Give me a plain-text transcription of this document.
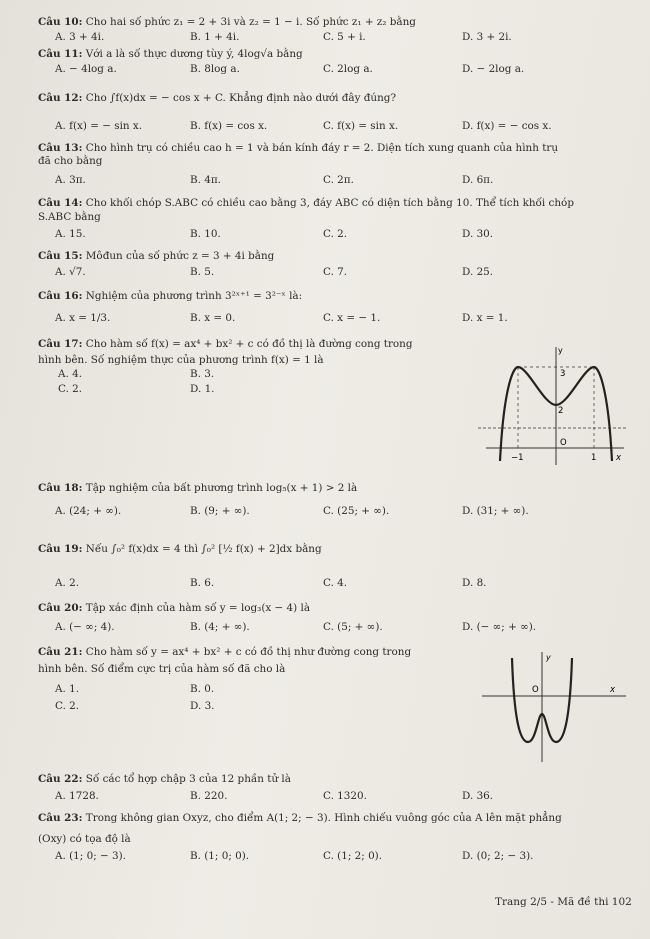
Câu 10: Cho hai số phức z₁ = 2 + 3i và z₂ = 1 − i. Số phức z₁ + z₂ bằng
A. 3 + 4i.	B. 1 + 4i.	C. 5 + i.	D. 3 + 2i.
Câu 11: Với a là số thực dương tùy ý, 4log√a bằng
A. − 4log a.	B. 8log a.	C. 2log a.	D. − 2log a.
Câu 12: Cho ∫f(x)dx = − cos x + C. Khẳng định nào dưới đây đúng?
A. f(x) = − sin x.	B. f(x) = cos x.	C. f(x) = sin x.	D. f(x) = − cos x.
Câu 13: Cho hình trụ có chiều cao h = 1 và bán kính đáy r = 2. Diện tích xung quanh của hình trụ
đã cho bằng
A. 3π.	B. 4π.	C. 2π.	D. 6π.
Câu 14: Cho khối chóp S.ABC có chiều cao bằng 3, đáy ABC có diện tích bằng 10. Thể tích khối chóp
S.ABC bằng
A. 15.	B. 10.	C. 2.	D. 30.
Câu 15: Môđun của số phức z = 3 + 4i bằng
A. √7.	B. 5.	C. 7.	D. 25.
Câu 16: Nghiệm của phương trình 3²ˣ⁺¹ = 3²⁻ˣ là:
A. x = 1/3.	B. x = 0.	C. x = − 1.	D. x = 1.
Câu 17: Cho hàm số f(x) = ax⁴ + bx² + c có đồ thị là đường cong trong
hình bên. Số nghiệm thực của phương trình f(x) = 1 là
A. 4.	B. 3.
C. 2.	D. 1.
y
3
2
O
−1	1 x
Câu 18: Tập nghiệm của bất phương trình log₅(x + 1) > 2 là
A. (24; + ∞).	B. (9; + ∞).	C. (25; + ∞).	D. (31; + ∞).
Câu 19: Nếu ∫₀² f(x)dx = 4 thì ∫₀² [½ f(x) + 2]dx bằng
A. 2.	B. 6.	C. 4.	D. 8.
Câu 20: Tập xác định của hàm số y = log₃(x − 4) là
A. (− ∞; 4).	B. (4; + ∞).	C. (5; + ∞).	D. (− ∞; + ∞).
Câu 21: Cho hàm số y = ax⁴ + bx² + c có đồ thị như đường cong trong
hình bên. Số điểm cực trị của hàm số đã cho là
A. 1.	B. 0.
C. 2.	D. 3.
y
O	x
Câu 22: Số các tổ hợp chập 3 của 12 phần tử là
A. 1728.	B. 220.	C. 1320.	D. 36.
Câu 23: Trong không gian Oxyz, cho điểm A(1; 2; − 3). Hình chiếu vuông góc của A lên mặt phẳng
(Oxy) có tọa độ là
A. (1; 0; − 3).	B. (1; 0; 0).	C. (1; 2; 0).	D. (0; 2; − 3).
Trang 2/5 - Mã đề thi 102
